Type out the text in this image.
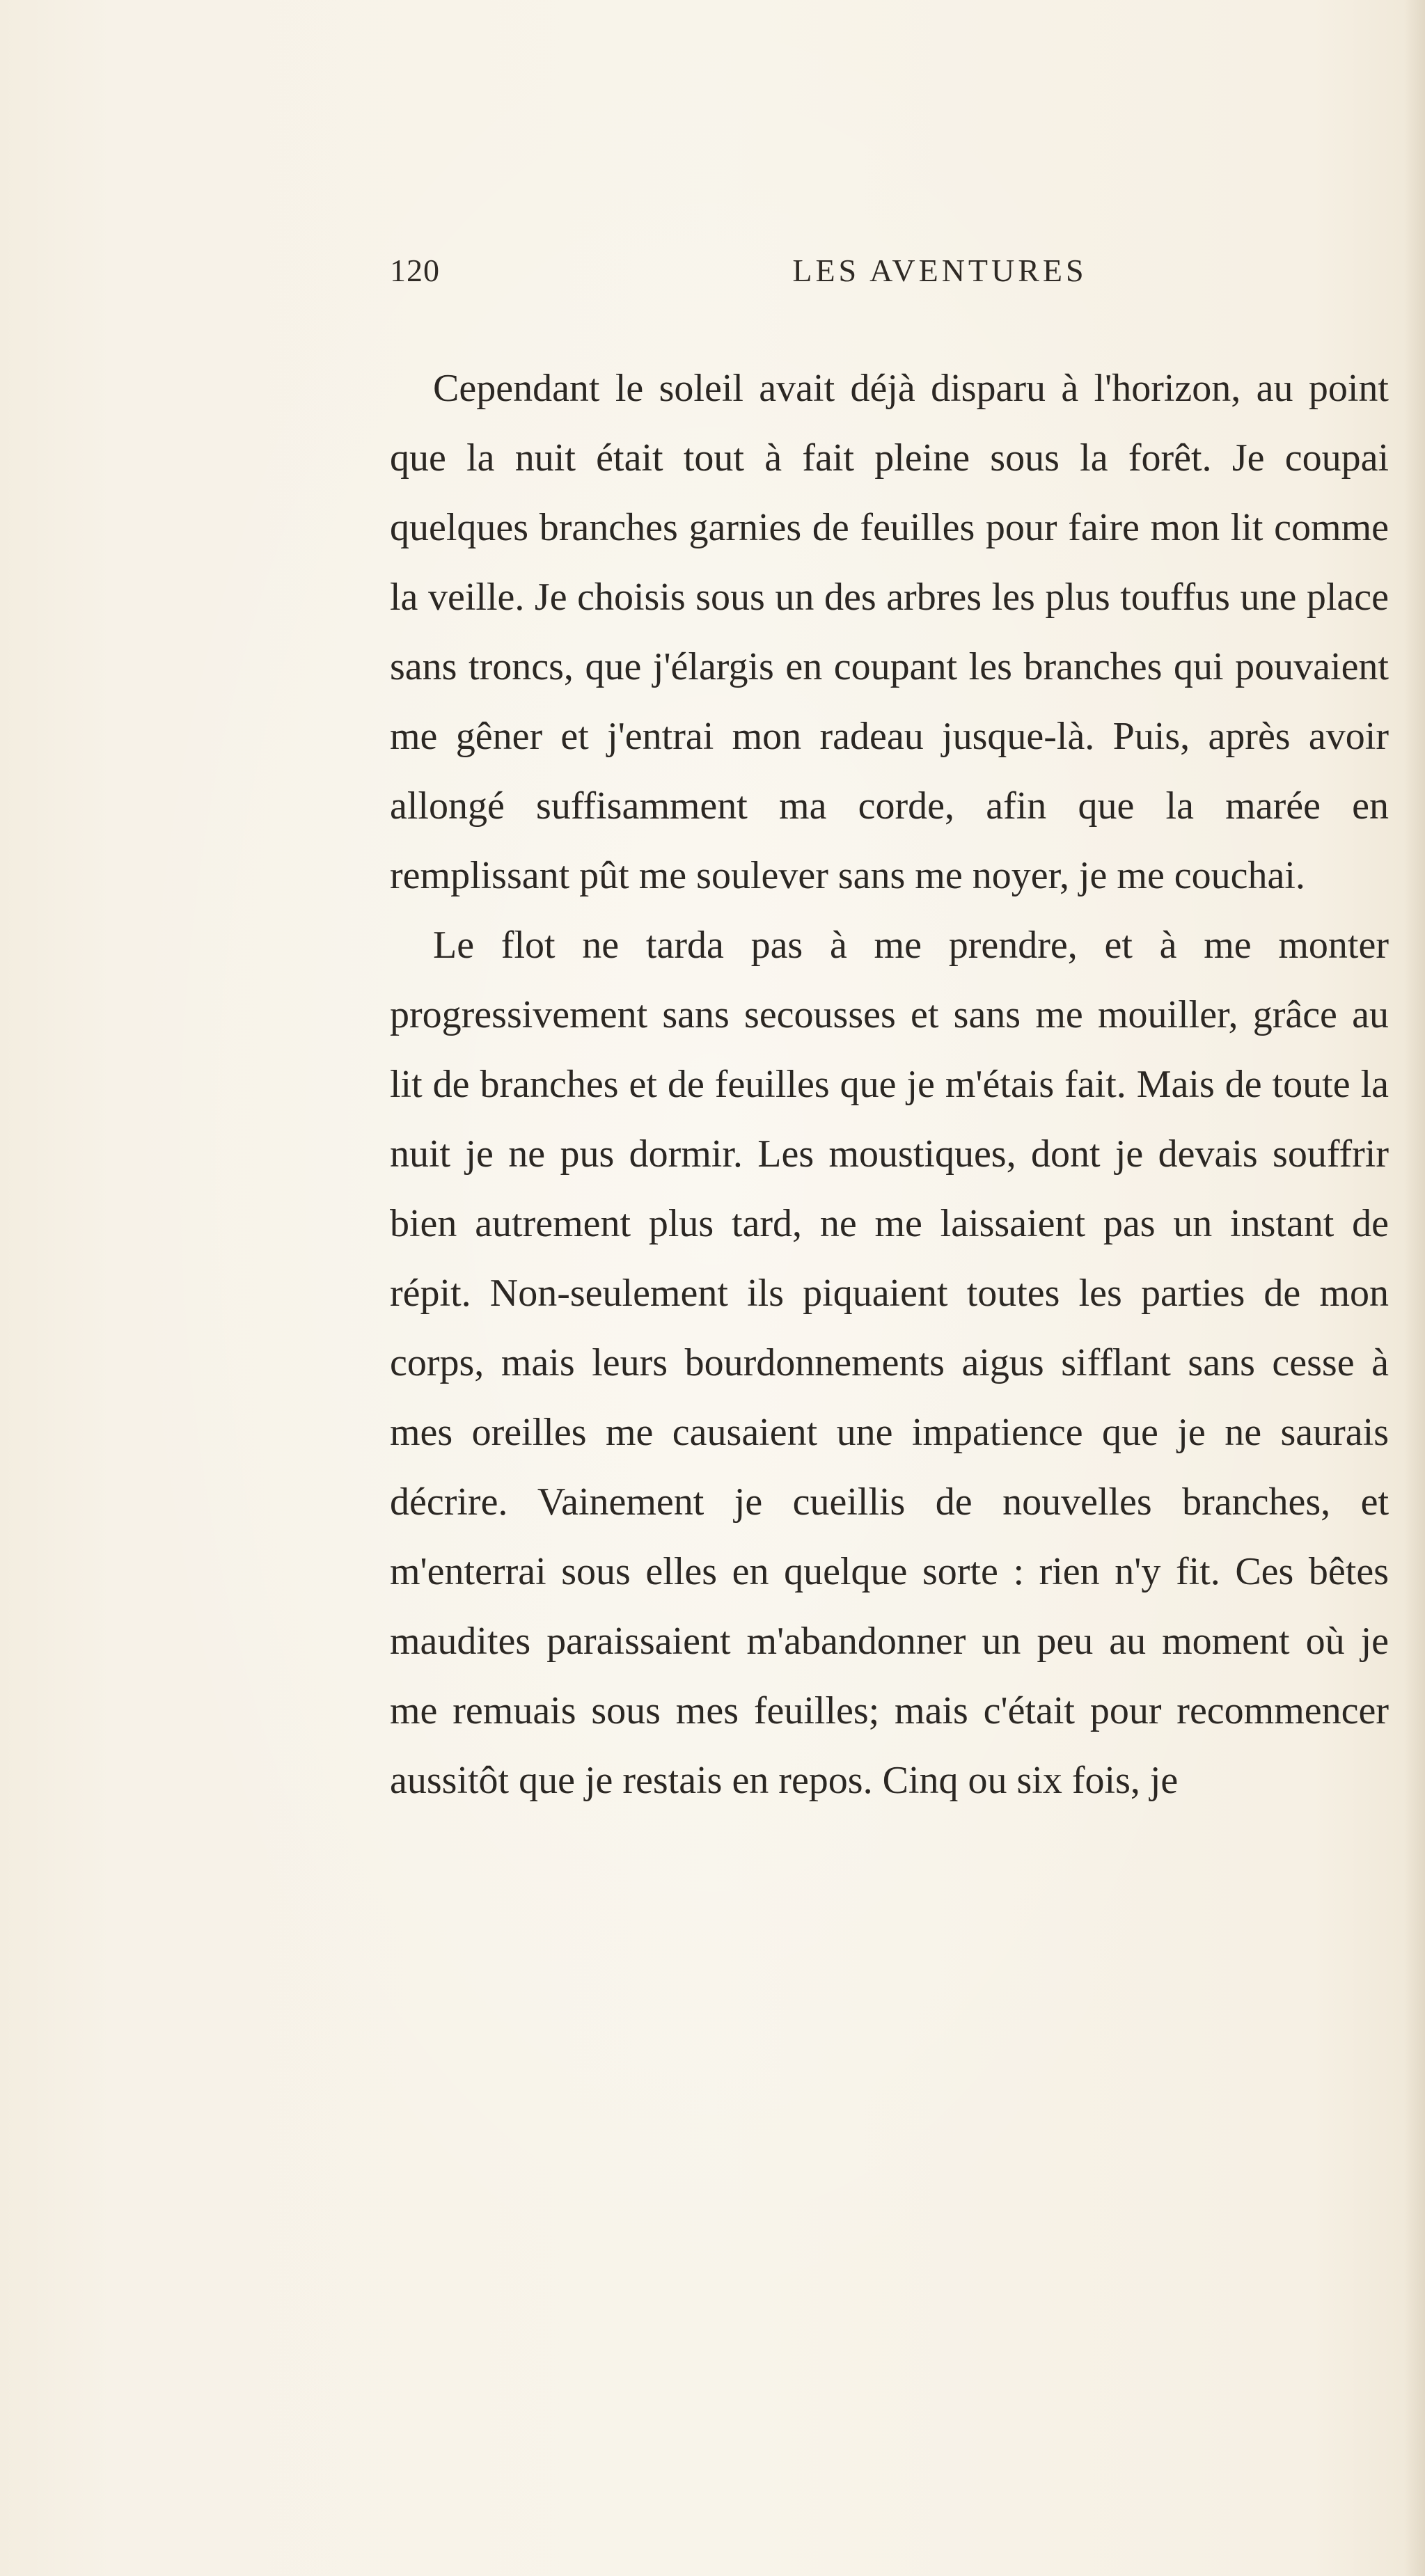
120	LES AVENTURES

Cependant le soleil avait déjà disparu à l'horizon, au point que la nuit était tout à fait pleine sous la forêt. Je coupai quelques branches garnies de feuilles pour faire mon lit comme la veille. Je choisis sous un des arbres les plus touffus une place sans troncs, que j'élargis en coupant les branches qui pouvaient me gêner et j'entrai mon radeau jusque-là. Puis, après avoir allongé suffisamment ma corde, afin que la marée en remplissant pût me soulever sans me noyer, je me couchai.

Le flot ne tarda pas à me prendre, et à me monter progressivement sans secousses et sans me mouiller, grâce au lit de branches et de feuilles que je m'étais fait. Mais de toute la nuit je ne pus dormir. Les moustiques, dont je devais souffrir bien autrement plus tard, ne me laissaient pas un instant de répit. Non-seulement ils piquaient toutes les parties de mon corps, mais leurs bourdonnements aigus sifflant sans cesse à mes oreilles me causaient une impatience que je ne saurais décrire. Vainement je cueillis de nouvelles branches, et m'enterrai sous elles en quelque sorte : rien n'y fit. Ces bêtes maudites paraissaient m'abandonner un peu au moment où je me remuais sous mes feuilles; mais c'était pour recommencer aussitôt que je restais en repos. Cinq ou six fois, je
